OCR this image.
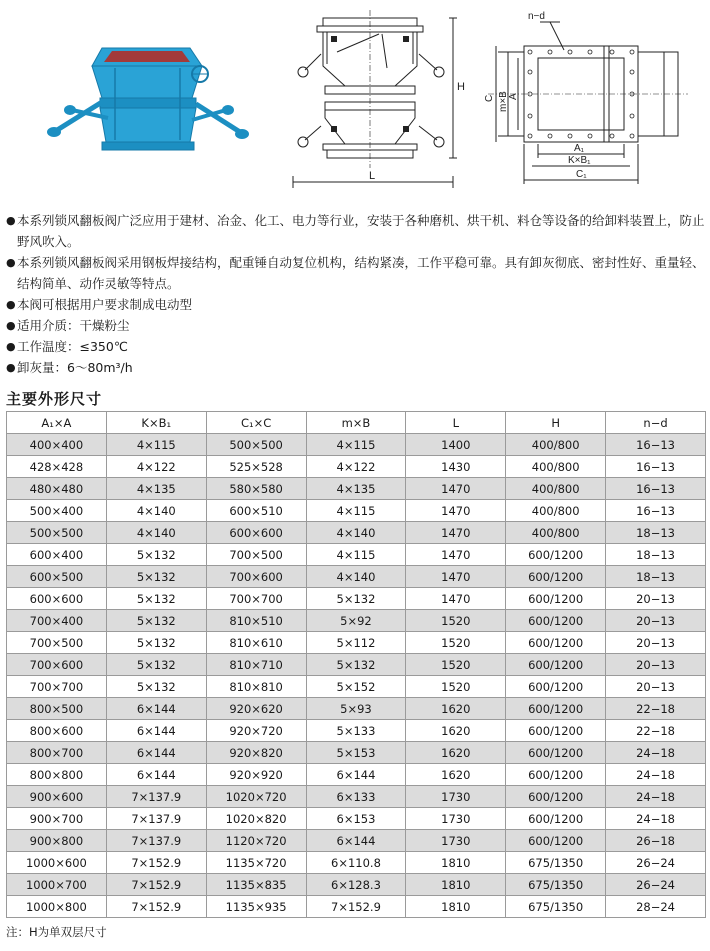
H
L
n−d
C m×B A
A₁
K×B₁
C₁
● 本系列锁风翻板阀广泛应用于建材、冶金、化工、电力等行业，安装于各种磨机、烘干机、料仓等设备的给卸料装置上，防止野风吹入。
● 本系列锁风翻板阀采用钢板焊接结构，配重锤自动复位机构，结构紧凑，工作平稳可靠。具有卸灰彻底、密封性好、重量轻、结构简单、动作灵敏等特点。
● 本阀可根据用户要求制成电动型
● 适用介质：干燥粉尘
● 工作温度：≤350℃
● 卸灰量：6～80m³/h
主要外形尺寸
A₁×A	K×B₁	C₁×C	m×B	L	H	n−d
400×400	4×115	500×500	4×115	1400	400/800	16−13
428×428	4×122	525×528	4×122	1430	400/800	16−13
480×480	4×135	580×580	4×135	1470	400/800	16−13
500×400	4×140	600×510	4×115	1470	400/800	16−13
500×500	4×140	600×600	4×140	1470	400/800	18−13
600×400	5×132	700×500	4×115	1470	600/1200	18−13
600×500	5×132	700×600	4×140	1470	600/1200	18−13
600×600	5×132	700×700	5×132	1470	600/1200	20−13
700×400	5×132	810×510	5×92	1520	600/1200	20−13
700×500	5×132	810×610	5×112	1520	600/1200	20−13
700×600	5×132	810×710	5×132	1520	600/1200	20−13
700×700	5×132	810×810	5×152	1520	600/1200	20−13
800×500	6×144	920×620	5×93	1620	600/1200	22−18
800×600	6×144	920×720	5×133	1620	600/1200	22−18
800×700	6×144	920×820	5×153	1620	600/1200	24−18
800×800	6×144	920×920	6×144	1620	600/1200	24−18
900×600	7×137.9	1020×720	6×133	1730	600/1200	24−18
900×700	7×137.9	1020×820	6×153	1730	600/1200	24−18
900×800	7×137.9	1120×720	6×144	1730	600/1200	26−18
1000×600	7×152.9	1135×720	6×110.8	1810	675/1350	26−24
1000×700	7×152.9	1135×835	6×128.3	1810	675/1350	26−24
1000×800	7×152.9	1135×935	7×152.9	1810	675/1350	28−24
注：H为单双层尺寸
